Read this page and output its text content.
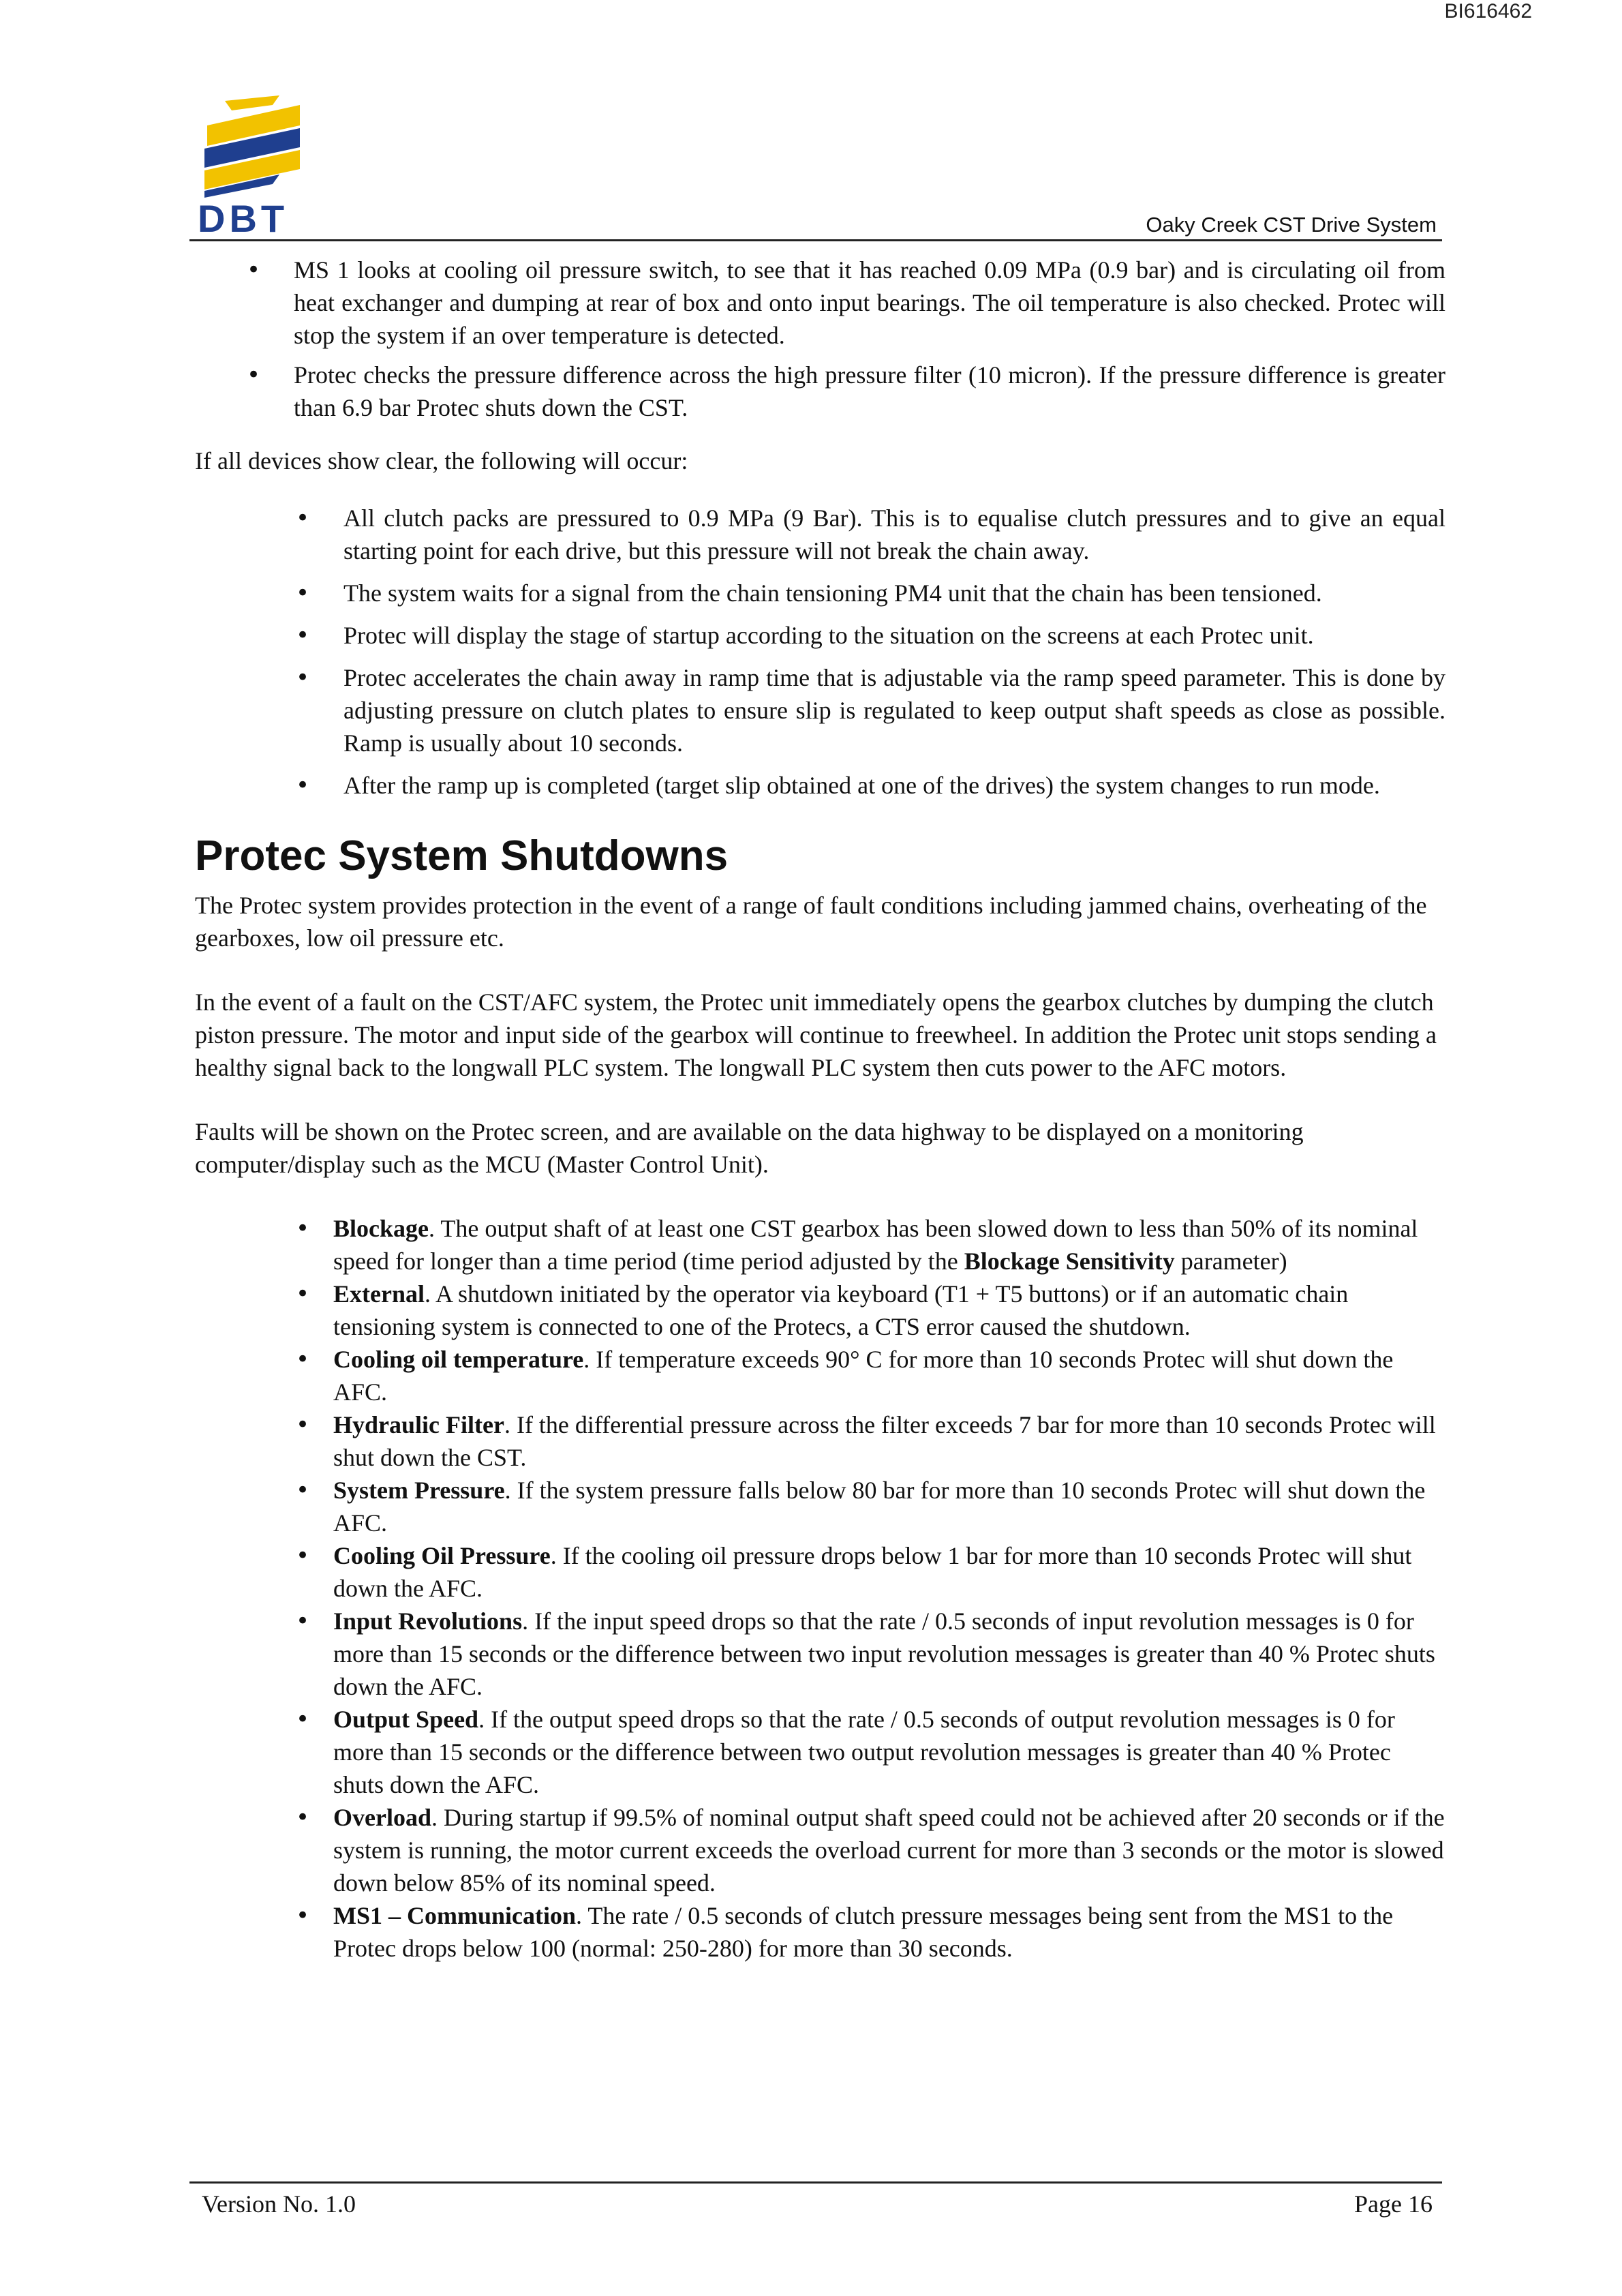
BI616462
DBT	Oaky Creek CST Drive System
• MS 1 looks at cooling oil pressure switch, to see that it has reached 0.09 MPa (0.9 bar) and is circulating oil from heat exchanger and dumping at rear of box and onto input bearings. The oil temperature is also checked. Protec will stop the system if an over temperature is detected.
• Protec checks the pressure difference across the high pressure filter (10 micron). If the pressure difference is greater than 6.9 bar Protec shuts down the CST.

If all devices show clear, the following will occur:

• All clutch packs are pressured to 0.9 MPa (9 Bar). This is to equalise clutch pressures and to give an equal starting point for each drive, but this pressure will not break the chain away.
• The system waits for a signal from the chain tensioning PM4 unit that the chain has been tensioned.
• Protec will display the stage of startup according to the situation on the screens at each Protec unit.
• Protec accelerates the chain away in ramp time that is adjustable via the ramp speed parameter. This is done by adjusting pressure on clutch plates to ensure slip is regulated to keep output shaft speeds as close as possible. Ramp is usually about 10 seconds.
• After the ramp up is completed (target slip obtained at one of the drives) the system changes to run mode.
Protec System Shutdowns

The Protec system provides protection in the event of a range of fault conditions including jammed chains, overheating of the gearboxes, low oil pressure etc.

In the event of a fault on the CST/AFC system, the Protec unit immediately opens the gearbox clutches by dumping the clutch piston pressure. The motor and input side of the gearbox will continue to freewheel. In addition the Protec unit stops sending a healthy signal back to the longwall PLC system. The longwall PLC system then cuts power to the AFC motors.

Faults will be shown on the Protec screen, and are available on the data highway to be displayed on a monitoring computer/display such as the MCU (Master Control Unit).

• Blockage. The output shaft of at least one CST gearbox has been slowed down to less than 50% of its nominal speed for longer than a time period (time period adjusted by the Blockage Sensitivity parameter)
• External. A shutdown initiated by the operator via keyboard (T1 + T5 buttons) or if an automatic chain tensioning system is connected to one of the Protecs, a CTS error caused the shutdown.
• Cooling oil temperature. If temperature exceeds 90° C for more than 10 seconds Protec will shut down the AFC.
• Hydraulic Filter. If the differential pressure across the filter exceeds 7 bar for more than 10 seconds Protec will shut down the CST.
• System Pressure. If the system pressure falls below 80 bar for more than 10 seconds Protec will shut down the AFC.
• Cooling Oil Pressure. If the cooling oil pressure drops below 1 bar for more than 10 seconds Protec will shut down the AFC.
• Input Revolutions. If the input speed drops so that the rate / 0.5 seconds of input revolution messages is 0 for more than 15 seconds or the difference between two input revolution messages is greater than 40 % Protec shuts down the AFC.
• Output Speed. If the output speed drops so that the rate / 0.5 seconds of output revolution messages is 0 for more than 15 seconds or the difference between two output revolution messages is greater than 40 % Protec shuts down the AFC.
• Overload. During startup if 99.5% of nominal output shaft speed could not be achieved after 20 seconds or if the system is running, the motor current exceeds the overload current for more than 3 seconds or the motor is slowed down below 85% of its nominal speed.
• MS1 – Communication. The rate / 0.5 seconds of clutch pressure messages being sent from the MS1 to the Protec drops below 100 (normal: 250-280) for more than 30 seconds.
Version No. 1.0	Page 16
